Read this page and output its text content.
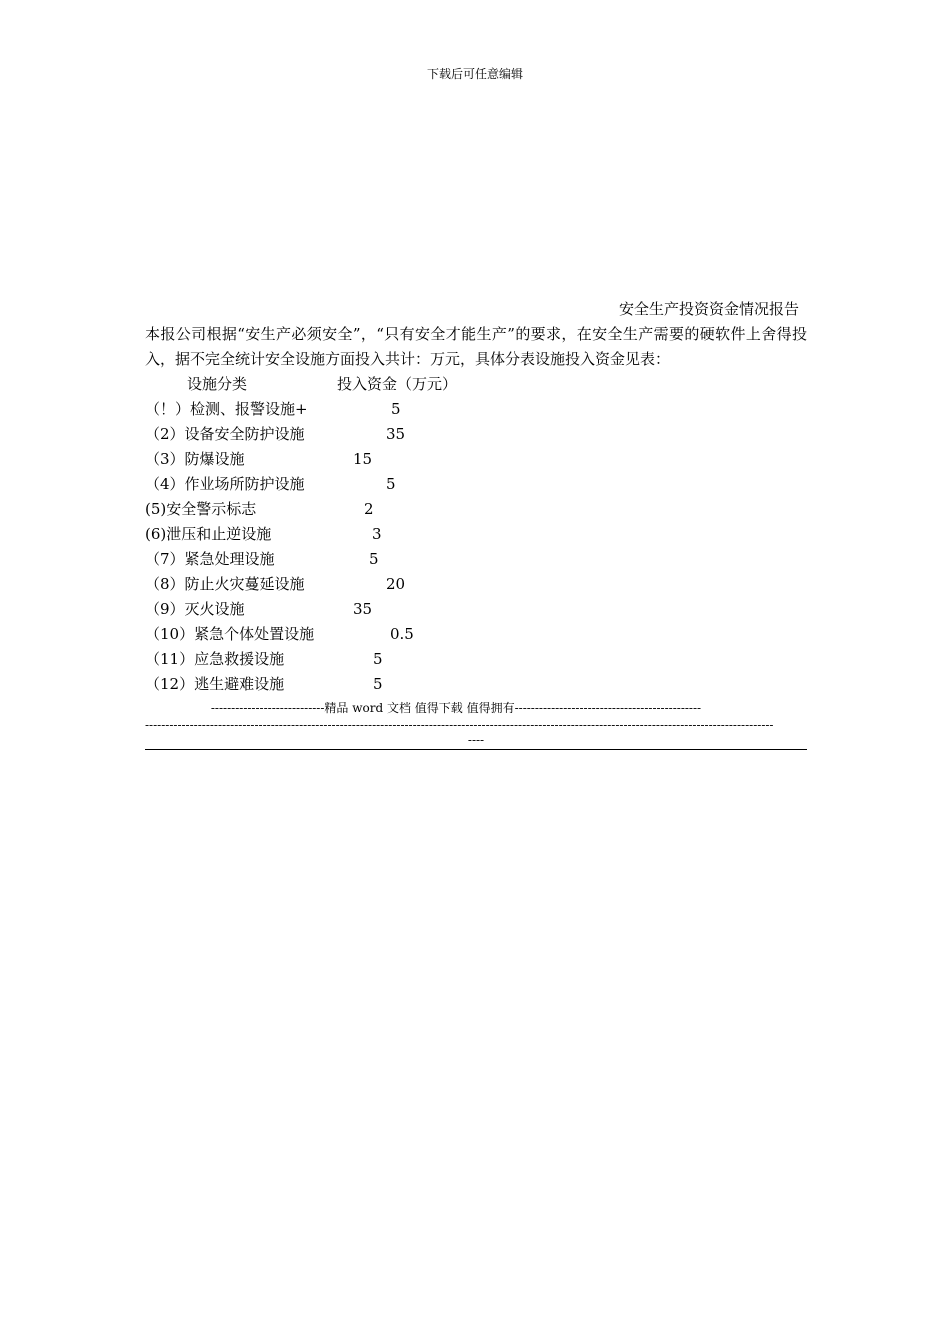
下载后可任意编辑
安全生产投资资金情况报告

本报公司根据“安生产必须安全”，“只有安全才能生产”的要求，在安全生产需要的硬软件上舍得投入，据不完全统计安全设施方面投入共计：万元，具体分表设施投入资金见表：

设施分类	投入资金（万元）
（！）检测、报警设施+	5
（2）设备安全防护设施	35
（3）防爆设施	15
（4）作业场所防护设施	5
(5)安全警示标志	2
(6)泄压和止逆设施	3
（7）紧急处理设施	5
（8）防止火灾蔓延设施	20
（9）灭火设施	35
（10）紧急个体处置设施	0.5
（11）应急救援设施	5
（12）逃生避难设施	5
----------------------------精品 word 文档 值得下载 值得拥有----------------------------------------------
-----------------------------------------------------------------------------------------------------------------------------------------------------------
----
